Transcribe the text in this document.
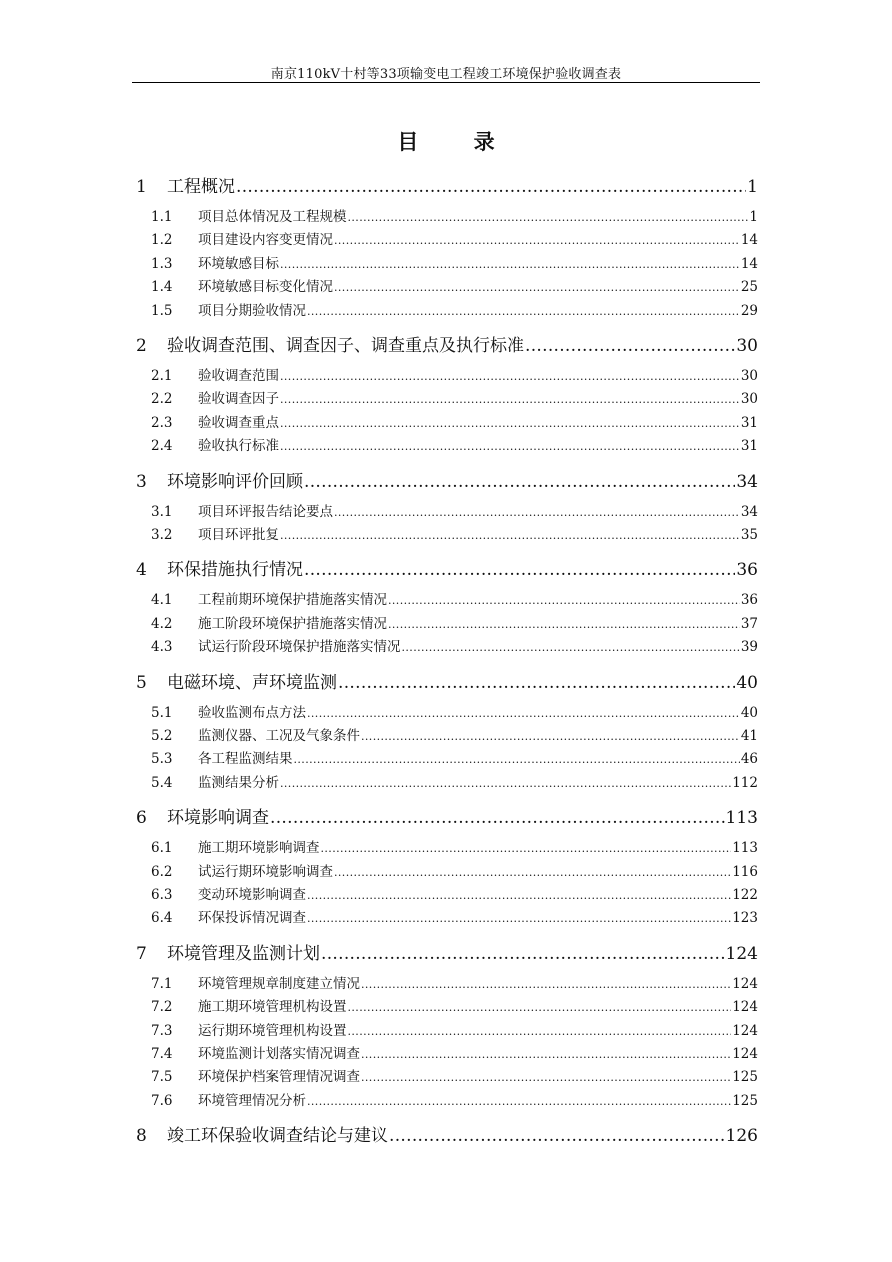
南京110kV十村等33项输变电工程竣工环境保护验收调查表
目 录
1	工程概况 .....	1
1.1	项目总体情况及工程规模 .....	1
1.2	项目建设内容变更情况 .....	14
1.3	环境敏感目标 .....	14
1.4	环境敏感目标变化情况 .....	25
1.5	项目分期验收情况 .....	29
2	验收调查范围、调查因子、调查重点及执行标准 .....	30
2.1	验收调查范围 .....	30
2.2	验收调查因子 .....	30
2.3	验收调查重点 .....	31
2.4	验收执行标准 .....	31
3	环境影响评价回顾 .....	34
3.1	项目环评报告结论要点 .....	34
3.2	项目环评批复 .....	35
4	环保措施执行情况 .....	36
4.1	工程前期环境保护措施落实情况 .....	36
4.2	施工阶段环境保护措施落实情况 .....	37
4.3	试运行阶段环境保护措施落实情况 .....	39
5	电磁环境、声环境监测 .....	40
5.1	验收监测布点方法 .....	40
5.2	监测仪器、工况及气象条件 .....	41
5.3	各工程监测结果 .....	46
5.4	监测结果分析 .....	112
6	环境影响调查 .....	113
6.1	施工期环境影响调查 .....	113
6.2	试运行期环境影响调查 .....	116
6.3	变动环境影响调查 .....	122
6.4	环保投诉情况调查 .....	123
7	环境管理及监测计划 .....	124
7.1	环境管理规章制度建立情况 .....	124
7.2	施工期环境管理机构设置 .....	124
7.3	运行期环境管理机构设置 .....	124
7.4	环境监测计划落实情况调查 .....	124
7.5	环境保护档案管理情况调查 .....	125
7.6	环境管理情况分析 .....	125
8	竣工环保验收调查结论与建议 .....	126
